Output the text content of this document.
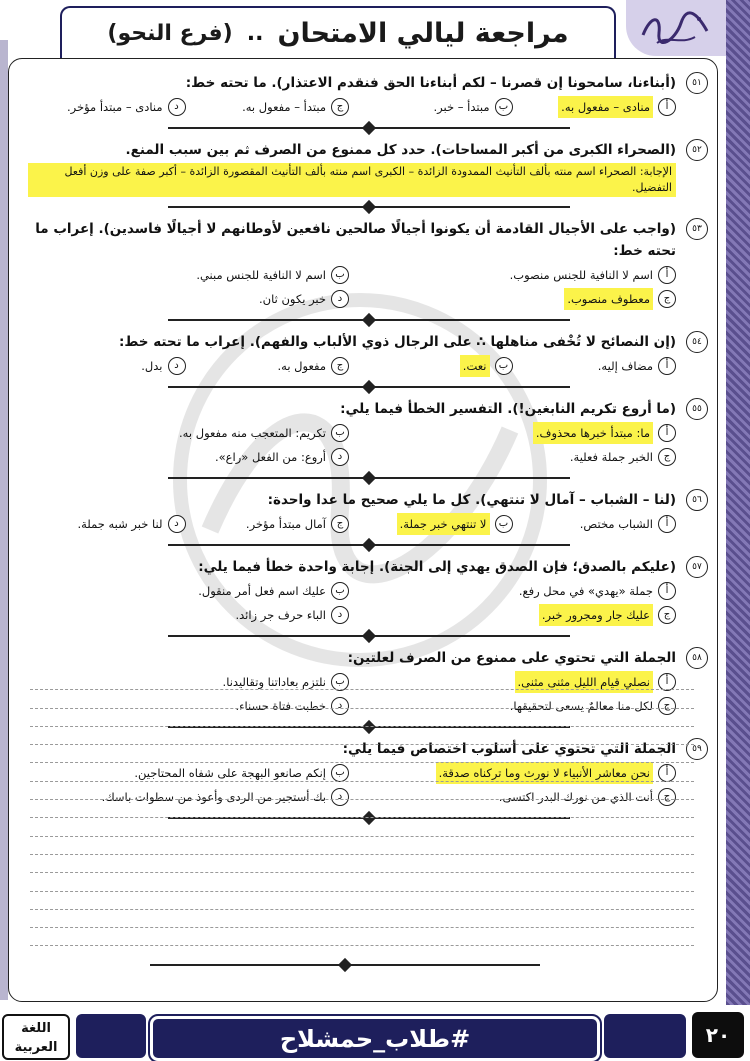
مراجعة ليالي الامتحان
..
(فرع النحو)
٥١
(أبناءنا، سامحونا إن قصرنا – لكم أبناءنا الحق فنقدم الاعتذار). ما تحته خط:
أ
منادى – مفعول به.
ب
مبتدأ – خبر.
ج
مبتدأ – مفعول به.
د
منادى – مبتدأ مؤخر.
٥٢
(الصحراء الكبرى من أكبر المساحات). حدد كل ممنوع من الصرف ثم بين سبب المنع.
الإجابة: الصحراء اسم منته بألف التأنيث الممدودة الزائدة – الكبرى اسم منته بألف التأنيث المقصورة الزائدة – أكبر صفة على وزن أفعل التفضيل.
٥٣
(واجب على الأجيال القادمة أن يكونوا أجيالًا صالحين نافعين لأوطانهم لا أجيالًا فاسدين). إعراب ما تحته خط:
أ
اسم لا النافية للجنس منصوب.
ب
اسم لا النافية للجنس مبني.
ج
معطوف منصوب.
د
خبر يكون ثان.
٥٤
(إن النصائح لا تُخْفى مناهلها ∴ على الرجال ذوي الألباب والفهم). إعراب ما تحته خط:
أ
مضاف إليه.
ب
نعت.
ج
مفعول به.
د
بدل.
٥٥
(ما أروع تكريم النابغين!). التفسير الخطأ فيما يلي:
أ
ما: مبتدأ خبرها محذوف.
ب
تكريم: المتعجب منه مفعول به.
ج
الخبر جملة فعلية.
د
أروع: من الفعل «راع».
٥٦
(لنا – الشباب – آمال لا تنتهي). كل ما يلي صحيح ما عدا واحدة:
أ
الشباب مختص.
ب
لا تنتهي خبر جملة.
ج
آمال مبتدأ مؤخر.
د
لنا خبر شبه جملة.
٥٧
(عليكم بالصدق؛ فإن الصدق يهدي إلى الجنة). إجابة واحدة خطأ فيما يلي:
أ
جملة «يهدي» في محل رفع.
ب
عليك اسم فعل أمر منقول.
ج
عليك جار ومجرور خبر.
د
الباء حرف جر زائد.
٥٨
الجملة التي تحتوي على ممنوع من الصرف لعلتين:
أ
نصلي قيام الليل مثنى مثنى.
ب
نلتزم بعاداتنا وتقاليدنا.
ج
لكل منا معالمٌ يسعى لتحقيقها.
د
خطبت فتاة حسناء.
٥٩
الجملة التي تحتوي على أسلوب اختصاص فيما يلي:
أ
نحن معاشر الأنبياء لا نورث وما تركناه صدقة.
ب
إنكم صانعو البهجة على شفاه المحتاجين.
ج
أنت الذي من نورك البدر اكتسى.
د
بك أستجير من الردى وأعوذ من سطوات باسك.
٢٠
#طلاب_حمشلاح
اللغة
العربية
